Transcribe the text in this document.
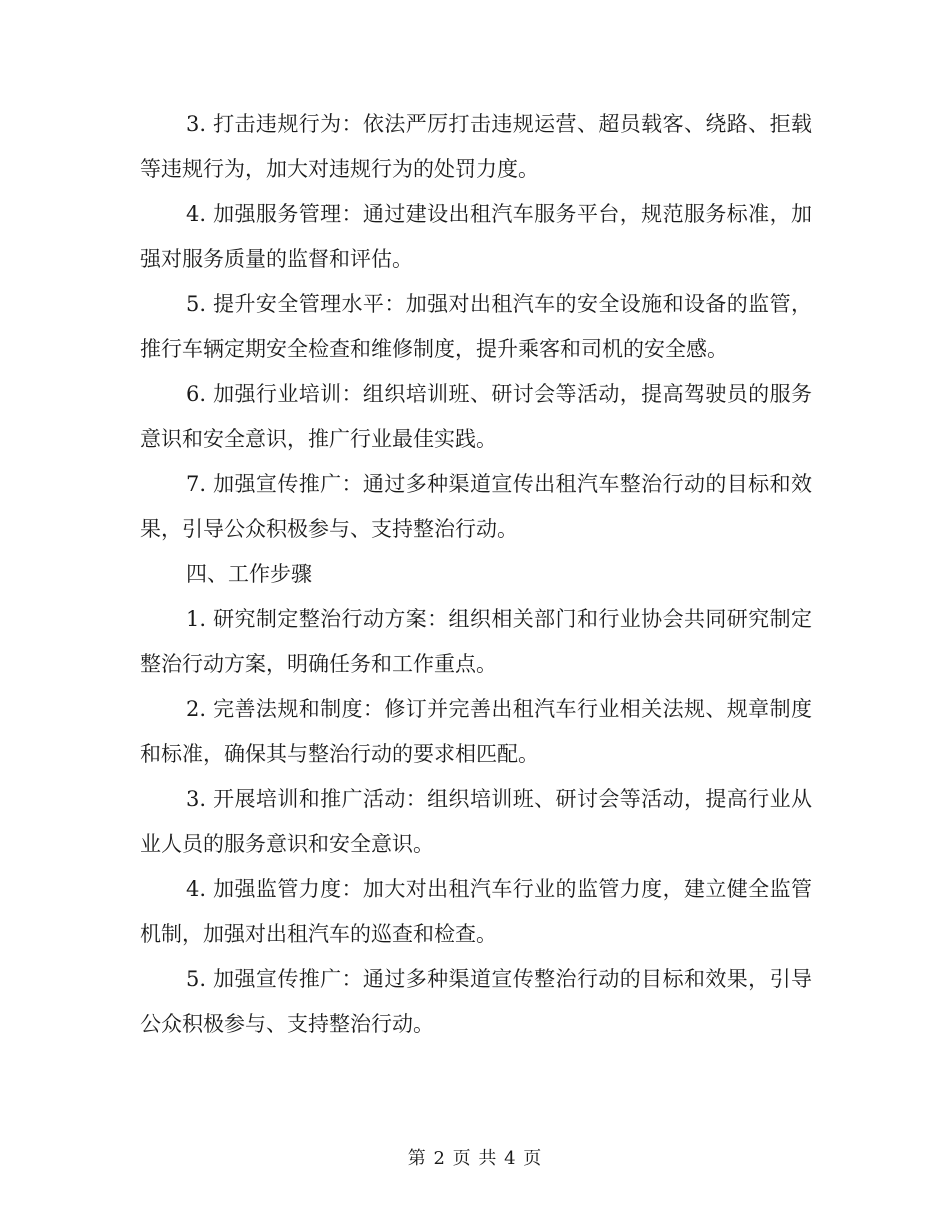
3. 打击违规行为：依法严厉打击违规运营、超员载客、绕路、拒载等违规行为，加大对违规行为的处罚力度。

4. 加强服务管理：通过建设出租汽车服务平台，规范服务标准，加强对服务质量的监督和评估。

5. 提升安全管理水平：加强对出租汽车的安全设施和设备的监管，推行车辆定期安全检查和维修制度，提升乘客和司机的安全感。

6. 加强行业培训：组织培训班、研讨会等活动，提高驾驶员的服务意识和安全意识，推广行业最佳实践。

7. 加强宣传推广：通过多种渠道宣传出租汽车整治行动的目标和效果，引导公众积极参与、支持整治行动。

四、工作步骤

1. 研究制定整治行动方案：组织相关部门和行业协会共同研究制定整治行动方案，明确任务和工作重点。

2. 完善法规和制度：修订并完善出租汽车行业相关法规、规章制度和标准，确保其与整治行动的要求相匹配。

3. 开展培训和推广活动：组织培训班、研讨会等活动，提高行业从业人员的服务意识和安全意识。

4. 加强监管力度：加大对出租汽车行业的监管力度，建立健全监管机制，加强对出租汽车的巡查和检查。

5. 加强宣传推广：通过多种渠道宣传整治行动的目标和效果，引导公众积极参与、支持整治行动。

第 2 页 共 4 页
